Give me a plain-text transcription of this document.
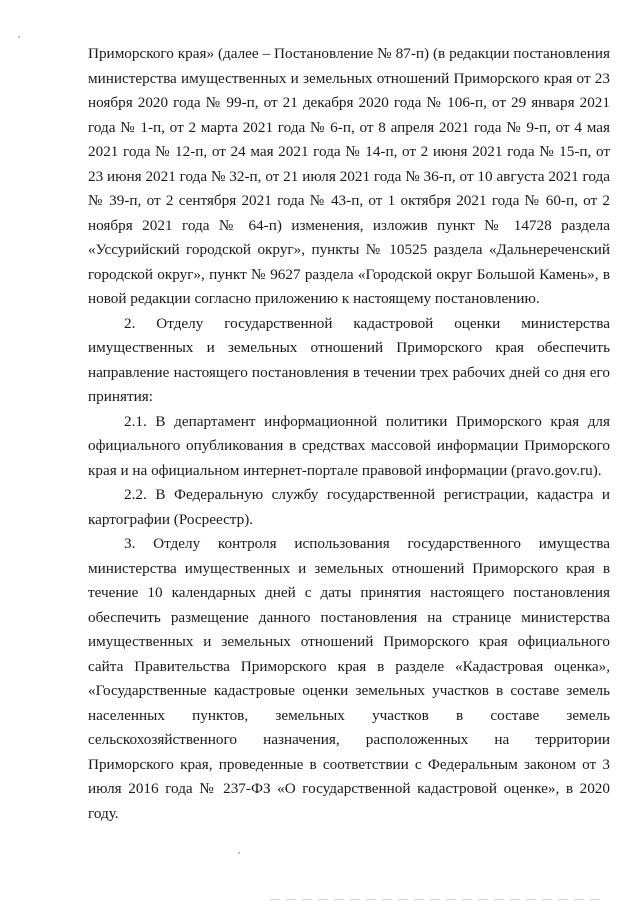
Приморского края» (далее – Постановление № 87-п) (в редакции постановления министерства имущественных и земельных отношений Приморского края от 23 ноября 2020 года № 99-п, от 21 декабря 2020 года № 106-п, от 29 января 2021 года № 1-п, от 2 марта 2021 года № 6-п, от 8 апреля 2021 года № 9-п, от 4 мая 2021 года № 12-п, от 24 мая 2021 года № 14-п, от 2 июня 2021 года № 15-п, от 23 июня 2021 года № 32-п, от 21 июля 2021 года № 36-п, от 10 августа 2021 года № 39-п, от 2 сентября 2021 года № 43-п, от 1 октября 2021 года № 60-п, от 2 ноября 2021 года № 64-п) изменения, изложив пункт № 14728 раздела «Уссурийский городской округ», пункты № 10525 раздела «Дальнереченский городской округ», пункт № 9627 раздела «Городской округ Большой Камень», в новой редакции согласно приложению к настоящему постановлению.

2. Отделу государственной кадастровой оценки министерства имущественных и земельных отношений Приморского края обеспечить направление настоящего постановления в течении трех рабочих дней со дня его принятия:

2.1. В департамент информационной политики Приморского края для официального опубликования в средствах массовой информации Приморского края и на официальном интернет-портале правовой информации (pravo.gov.ru).

2.2. В Федеральную службу государственной регистрации, кадастра и картографии (Росреестр).

3. Отделу контроля использования государственного имущества министерства имущественных и земельных отношений Приморского края в течение 10 календарных дней с даты принятия настоящего постановления обеспечить размещение данного постановления на странице министерства имущественных и земельных отношений Приморского края официального сайта Правительства Приморского края в разделе «Кадастровая оценка», «Государственные кадастровые оценки земельных участков в составе земель населенных пунктов, земельных участков в составе земель сельскохозяйственного назначения, расположенных на территории Приморского края, проведенные в соответствии с Федеральным законом от 3 июля 2016 года № 237-ФЗ «О государственной кадастровой оценке», в 2020 году.
